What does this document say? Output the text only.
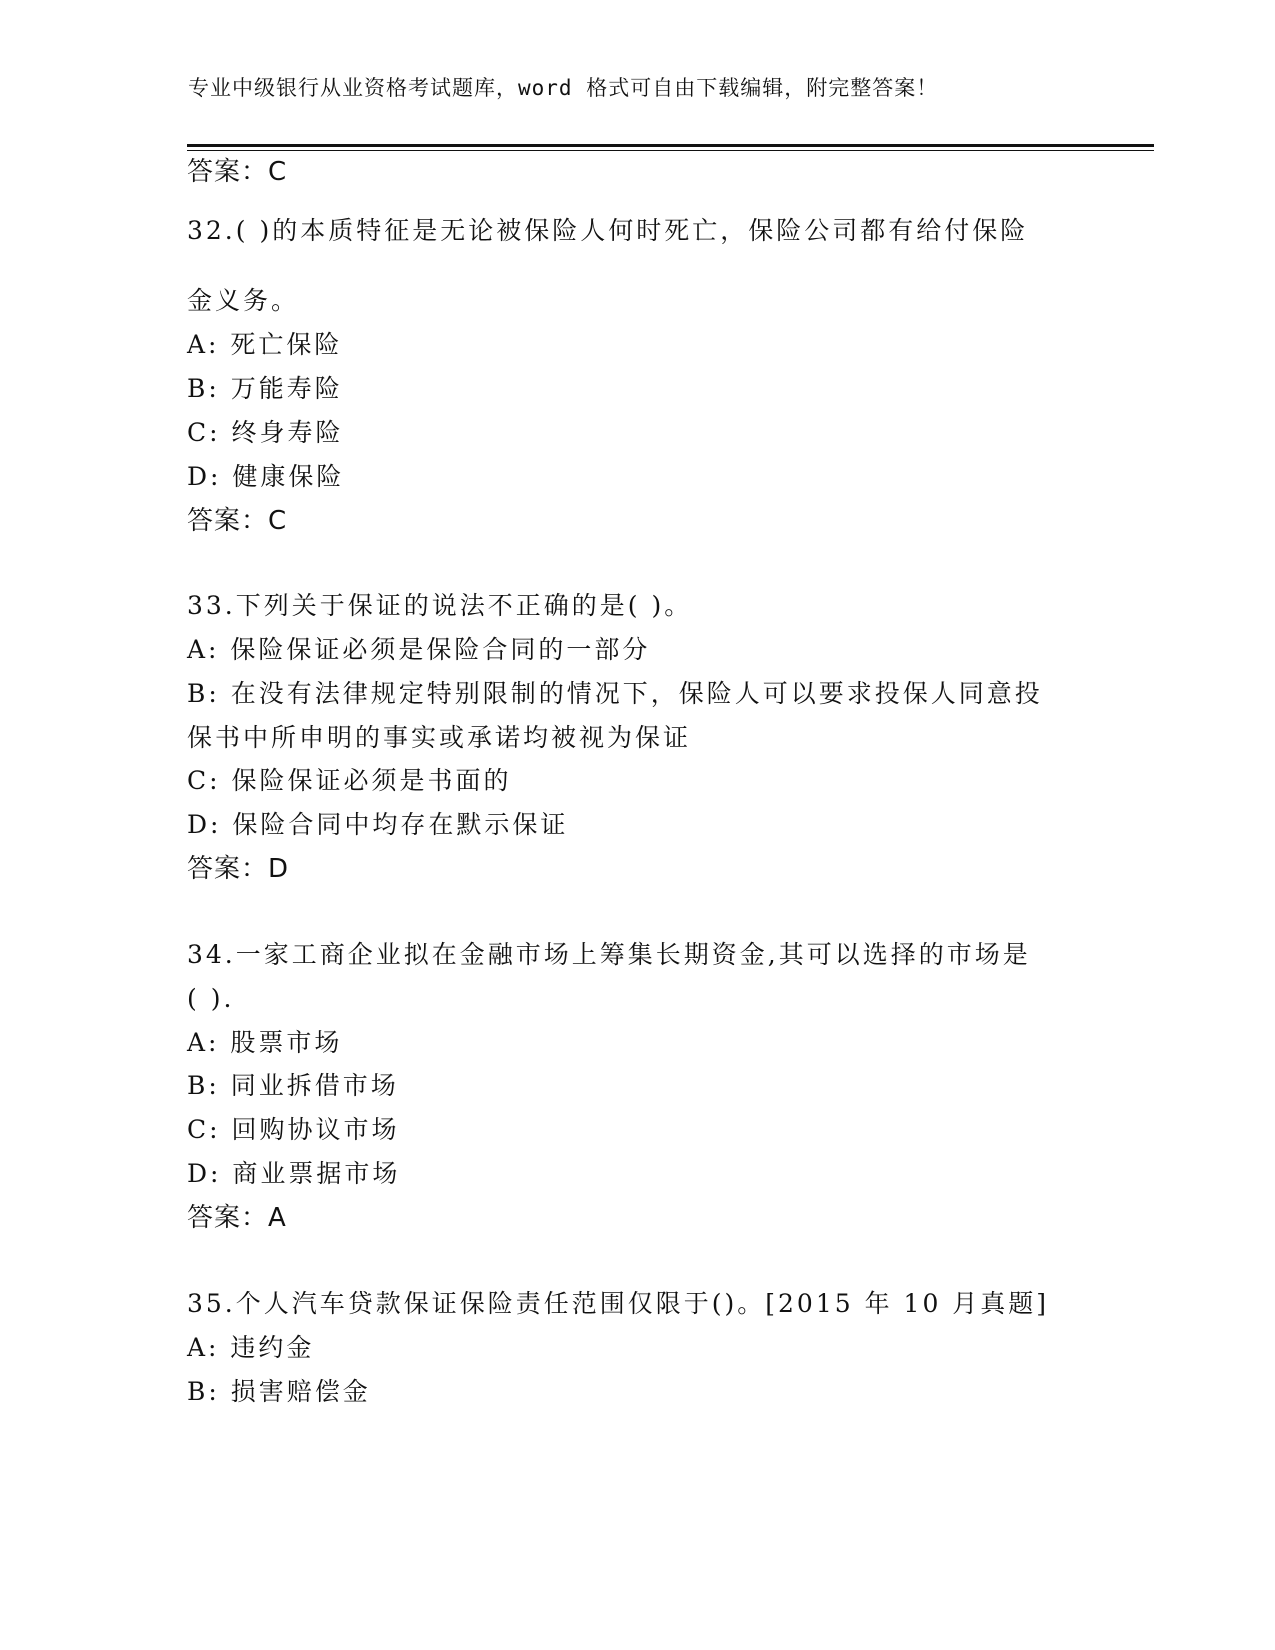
专业中级银行从业资格考试题库，word 格式可自由下载编辑，附完整答案！
答案：C
32.( )的本质特征是无论被保险人何时死亡，保险公司都有给付保险
金义务。
A: 死亡保险
B: 万能寿险
C: 终身寿险
D: 健康保险
答案：C
33.下列关于保证的说法不正确的是( )。
A: 保险保证必须是保险合同的一部分
B: 在没有法律规定特别限制的情况下，保险人可以要求投保人同意投
保书中所申明的事实或承诺均被视为保证
C: 保险保证必须是书面的
D: 保险合同中均存在默示保证
答案：D
34.一家工商企业拟在金融市场上筹集长期资金,其可以选择的市场是
( ).
A: 股票市场
B: 同业拆借市场
C: 回购协议市场
D: 商业票据市场
答案：A
35.个人汽车贷款保证保险责任范围仅限于()。[2015 年 10 月真题]
A: 违约金
B: 损害赔偿金
